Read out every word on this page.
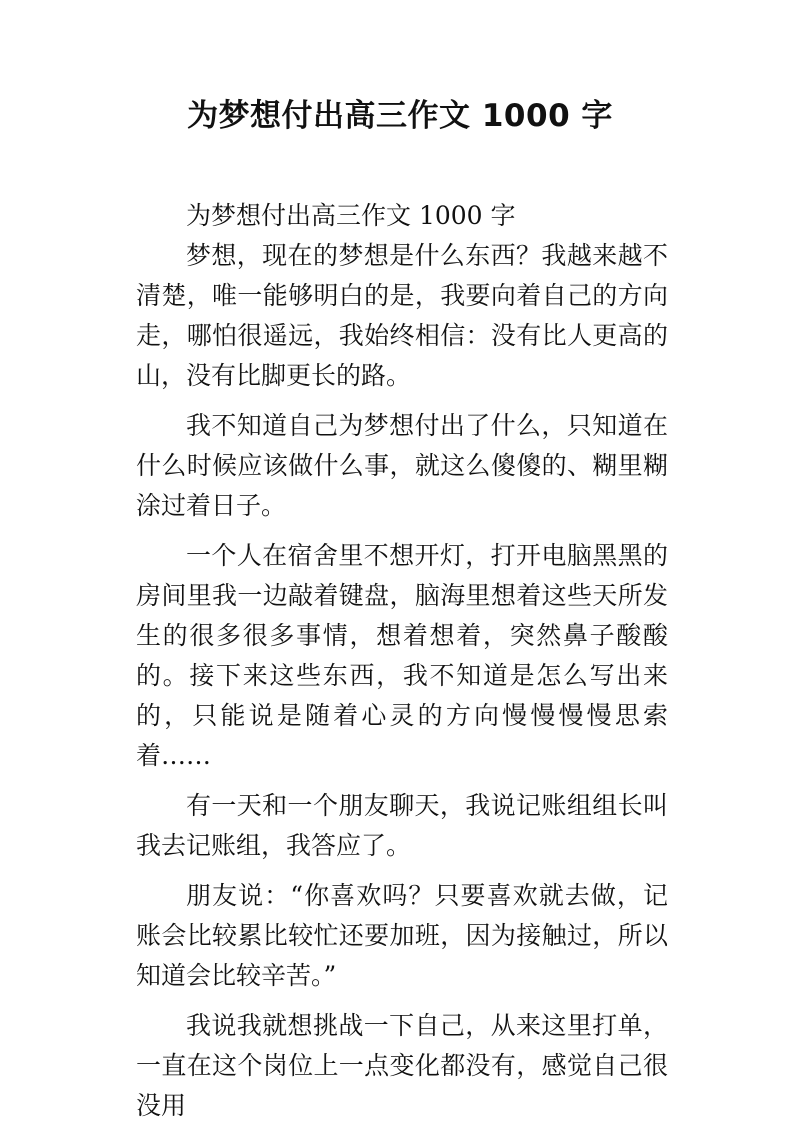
为梦想付出高三作文 1000 字

为梦想付出高三作文 1000 字

梦想，现在的梦想是什么东西？我越来越不清楚，唯一能够明白的是，我要向着自己的方向走，哪怕很遥远，我始终相信：没有比人更高的山，没有比脚更长的路。

我不知道自己为梦想付出了什么，只知道在什么时候应该做什么事，就这么傻傻的、糊里糊涂过着日子。

一个人在宿舍里不想开灯，打开电脑黑黑的房间里我一边敲着键盘，脑海里想着这些天所发生的很多很多事情，想着想着，突然鼻子酸酸的。接下来这些东西，我不知道是怎么写出来的，只能说是随着心灵的方向慢慢慢慢思索着……

有一天和一个朋友聊天，我说记账组组长叫我去记账组，我答应了。

朋友说：“你喜欢吗？只要喜欢就去做，记账会比较累比较忙还要加班，因为接触过，所以知道会比较辛苦。”

我说我就想挑战一下自己，从来这里打单，一直在这个岗位上一点变化都没有，感觉自己很没用
